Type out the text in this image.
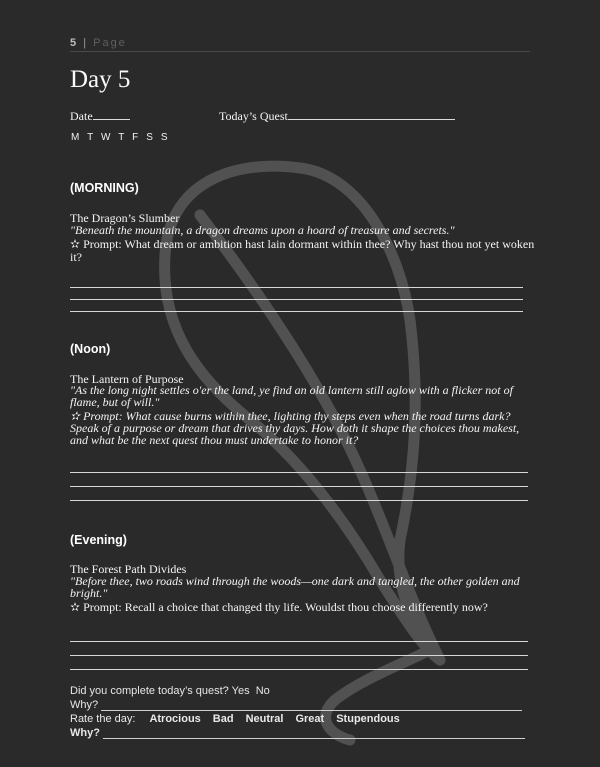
5 | Page
Day 5
Date	Today’s Quest
M T W T F S S
(MORNING)
The Dragon’s Slumber
"Beneath the mountain, a dragon dreams upon a hoard of treasure and secrets."
✫ Prompt: What dream or ambition hast lain dormant within thee? Why hast thou not yet woken it?
(Noon)
The Lantern of Purpose
"As the long night settles o'er the land, ye find an old lantern still aglow with a flicker not of flame, but of will."
✫ Prompt: What cause burns within thee, lighting thy steps even when the road turns dark? Speak of a purpose or dream that drives thy days. How doth it shape the choices thou makest, and what be the next quest thou must undertake to honor it?
(Evening)
The Forest Path Divides
"Before thee, two roads wind through the woods—one dark and tangled, the other golden and bright."
✫ Prompt: Recall a choice that changed thy life. Wouldst thou choose differently now?
Did you complete today’s quest? Yes No
Why?
Rate the day: Atrocious Bad Neutral Great Stupendous
Why?
